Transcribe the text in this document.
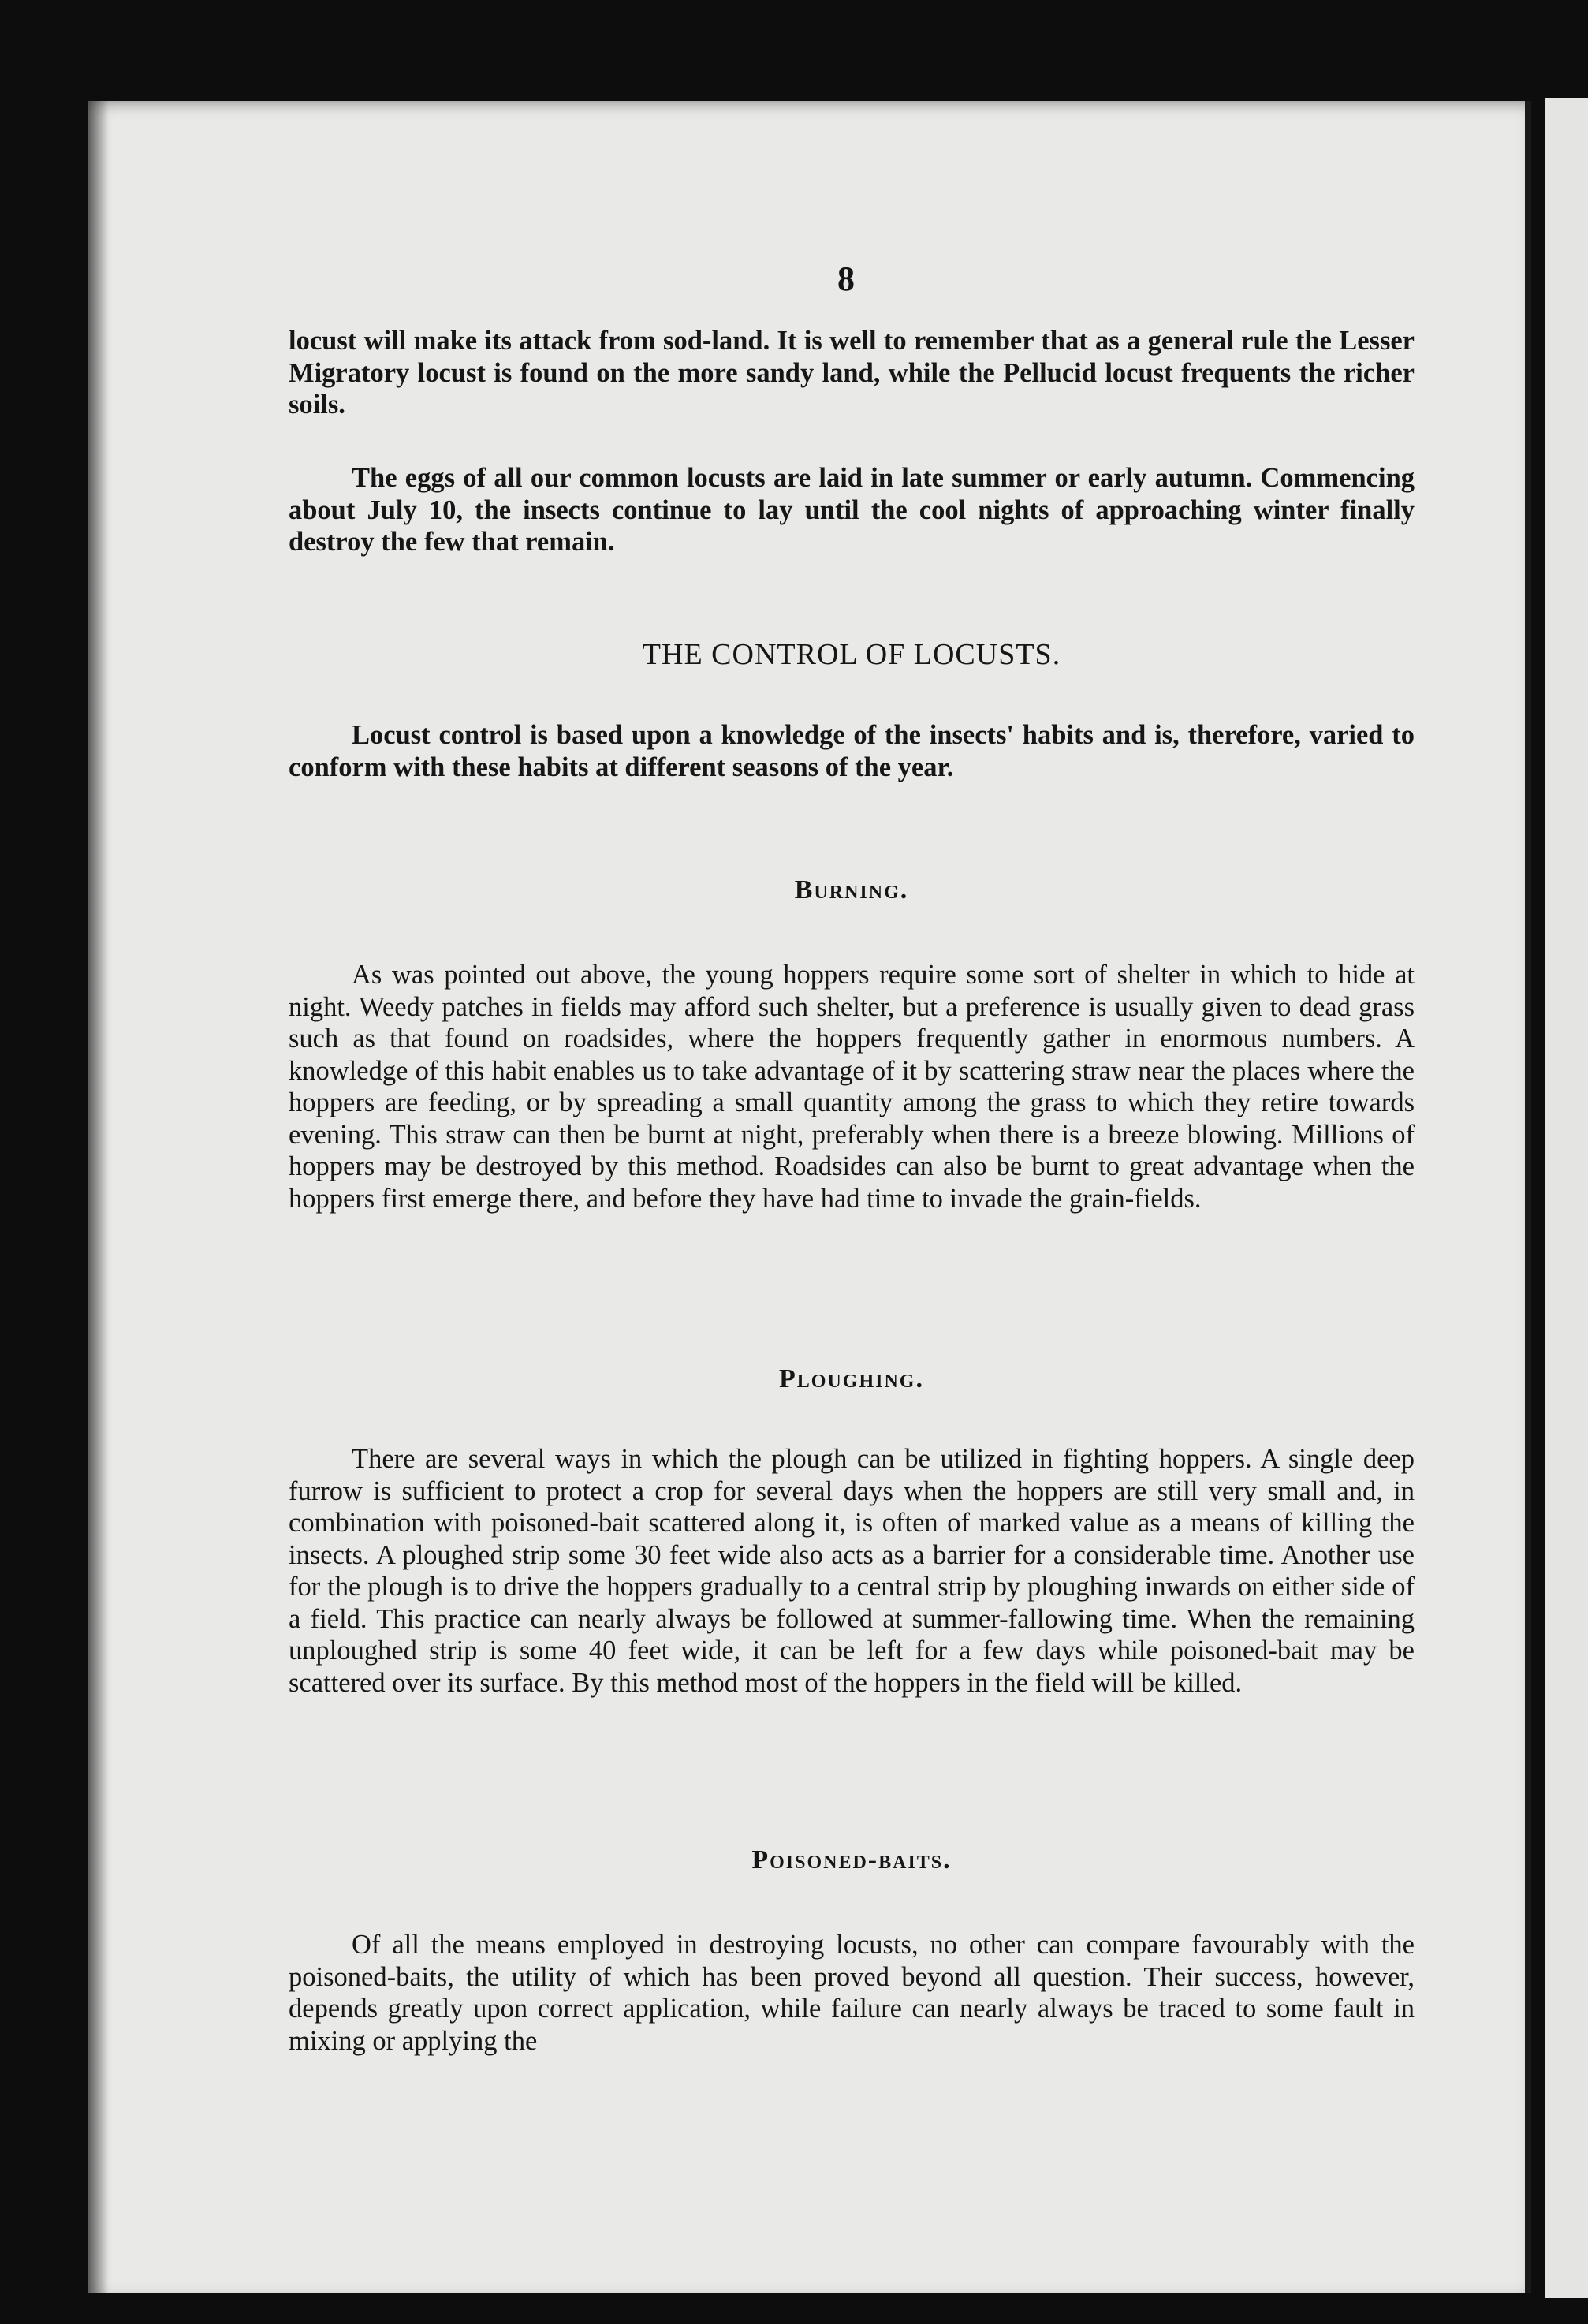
8

locust will make its attack from sod-land. It is well to remember that as a general rule the Lesser Migratory locust is found on the more sandy land, while the Pellucid locust frequents the richer soils.

The eggs of all our common locusts are laid in late summer or early autumn. Commencing about July 10, the insects continue to lay until the cool nights of approaching winter finally destroy the few that remain.

THE CONTROL OF LOCUSTS.

Locust control is based upon a knowledge of the insects' habits and is, therefore, varied to conform with these habits at different seasons of the year.

Burning.

As was pointed out above, the young hoppers require some sort of shelter in which to hide at night. Weedy patches in fields may afford such shelter, but a preference is usually given to dead grass such as that found on roadsides, where the hoppers frequently gather in enormous numbers. A knowledge of this habit enables us to take advantage of it by scattering straw near the places where the hoppers are feeding, or by spreading a small quantity among the grass to which they retire towards evening. This straw can then be burnt at night, preferably when there is a breeze blowing. Millions of hoppers may be destroyed by this method. Roadsides can also be burnt to great advantage when the hoppers first emerge there, and before they have had time to invade the grain-fields.

Ploughing.

There are several ways in which the plough can be utilized in fighting hoppers. A single deep furrow is sufficient to protect a crop for several days when the hoppers are still very small and, in combination with poisoned-bait scattered along it, is often of marked value as a means of killing the insects. A ploughed strip some 30 feet wide also acts as a barrier for a considerable time. Another use for the plough is to drive the hoppers gradually to a central strip by ploughing inwards on either side of a field. This practice can nearly always be followed at summer-fallowing time. When the remaining unploughed strip is some 40 feet wide, it can be left for a few days while poisoned-bait may be scattered over its surface. By this method most of the hoppers in the field will be killed.

Poisoned-baits.

Of all the means employed in destroying locusts, no other can compare favourably with the poisoned-baits, the utility of which has been proved beyond all question. Their success, however, depends greatly upon correct application, while failure can nearly always be traced to some fault in mixing or applying the
